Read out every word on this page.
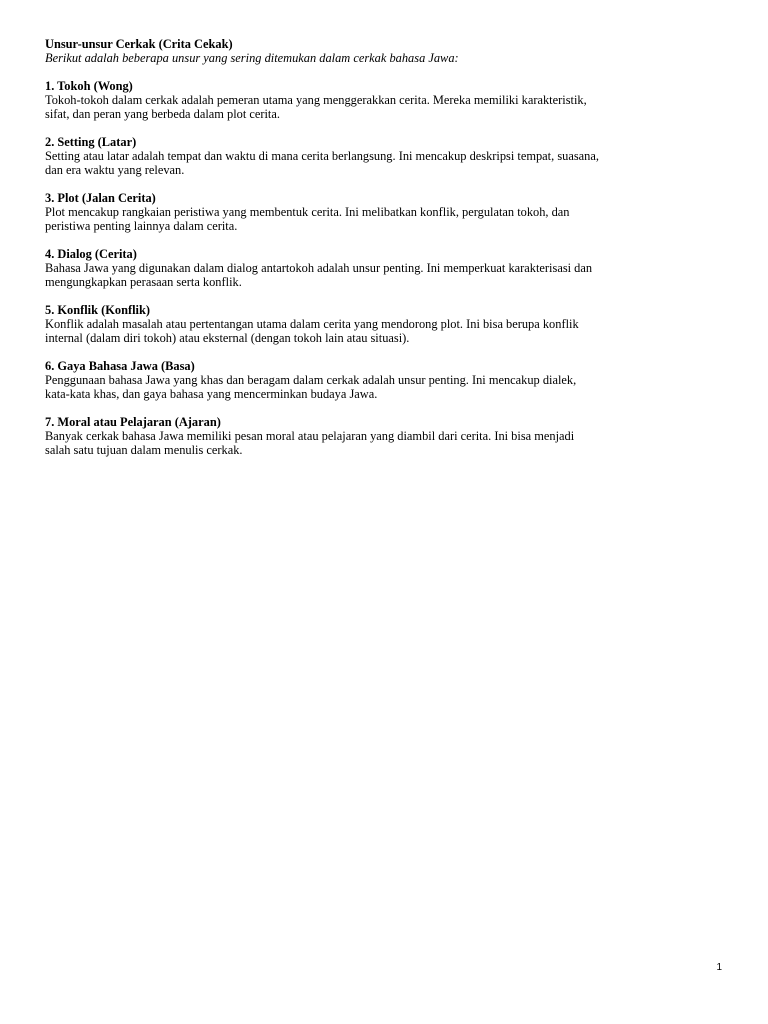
Unsur-unsur Cerkak (Crita Cekak)
Berikut adalah beberapa unsur yang sering ditemukan dalam cerkak bahasa Jawa:
1. Tokoh (Wong)
Tokoh-tokoh dalam cerkak adalah pemeran utama yang menggerakkan cerita. Mereka memiliki karakteristik,
sifat, dan peran yang berbeda dalam plot cerita.
2. Setting (Latar)
Setting atau latar adalah tempat dan waktu di mana cerita berlangsung. Ini mencakup deskripsi tempat, suasana,
dan era waktu yang relevan.
3. Plot (Jalan Cerita)
Plot mencakup rangkaian peristiwa yang membentuk cerita. Ini melibatkan konflik, pergulatan tokoh, dan
peristiwa penting lainnya dalam cerita.
4. Dialog (Cerita)
Bahasa Jawa yang digunakan dalam dialog antartokoh adalah unsur penting. Ini memperkuat karakterisasi dan
mengungkapkan perasaan serta konflik.
5. Konflik (Konflik)
Konflik adalah masalah atau pertentangan utama dalam cerita yang mendorong plot. Ini bisa berupa konflik
internal (dalam diri tokoh) atau eksternal (dengan tokoh lain atau situasi).
6. Gaya Bahasa Jawa (Basa)
Penggunaan bahasa Jawa yang khas dan beragam dalam cerkak adalah unsur penting. Ini mencakup dialek,
kata-kata khas, dan gaya bahasa yang mencerminkan budaya Jawa.
7. Moral atau Pelajaran (Ajaran)
Banyak cerkak bahasa Jawa memiliki pesan moral atau pelajaran yang diambil dari cerita. Ini bisa menjadi
salah satu tujuan dalam menulis cerkak.
1
